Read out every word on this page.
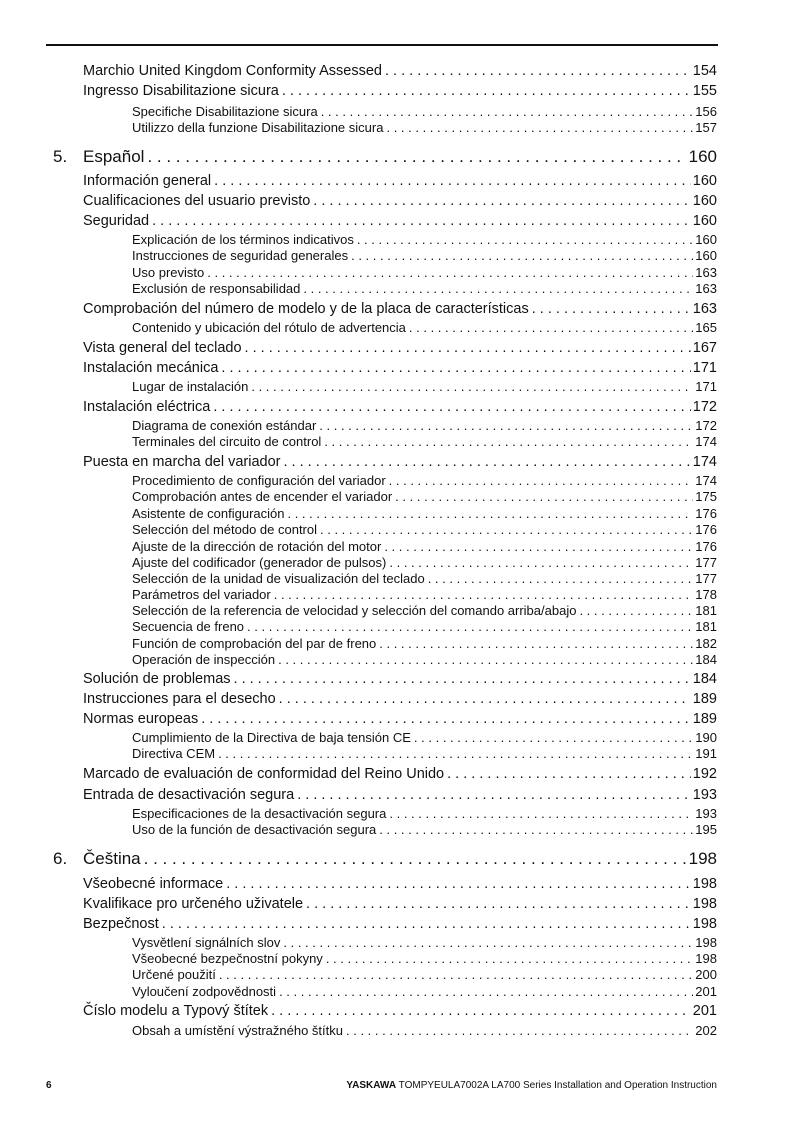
Marchio United Kingdom Conformity Assessed . . .	154
Ingresso Disabilitazione sicura . . .	155
Specifiche Disabilitazione sicura . . .	156
Utilizzo della funzione Disabilitazione sicura . . .	157
5. Español . . .	160
Información general . . .	160
Cualificaciones del usuario previsto . . .	160
Seguridad . . .	160
Explicación de los términos indicativos . . .	160
Instrucciones de seguridad generales . . .	160
Uso previsto . . .	163
Exclusión de responsabilidad . . .	163
Comprobación del número de modelo y de la placa de características . . .	163
Contenido y ubicación del rótulo de advertencia . . .	165
Vista general del teclado . . .	167
Instalación mecánica . . .	171
Lugar de instalación . . .	171
Instalación eléctrica . . .	172
Diagrama de conexión estándar . . .	172
Terminales del circuito de control . . .	174
Puesta en marcha del variador . . .	174
Procedimiento de configuración del variador . . .	174
Comprobación antes de encender el variador . . .	175
Asistente de configuración . . .	176
Selección del método de control . . .	176
Ajuste de la dirección de rotación del motor . . .	176
Ajuste del codificador (generador de pulsos) . . .	177
Selección de la unidad de visualización del teclado . . .	177
Parámetros del variador . . .	178
Selección de la referencia de velocidad y selección del comando arriba/abajo . . .	181
Secuencia de freno . . .	181
Función de comprobación del par de freno . . .	182
Operación de inspección . . .	184
Solución de problemas . . .	184
Instrucciones para el desecho . . .	189
Normas europeas . . .	189
Cumplimiento de la Directiva de baja tensión CE . . .	190
Directiva CEM . . .	191
Marcado de evaluación de conformidad del Reino Unido . . .	192
Entrada de desactivación segura . . .	193
Especificaciones de la desactivación segura . . .	193
Uso de la función de desactivación segura . . .	195
6. Čeština . . .	198
Všeobecné informace . . .	198
Kvalifikace pro určeného uživatele . . .	198
Bezpečnost . . .	198
Vysvětlení signálních slov . . .	198
Všeobecné bezpečnostní pokyny . . .	198
Určené použití . . .	200
Vyloučení zodpovědnosti . . .	201
Číslo modelu a Typový štítek . . .	201
Obsah a umístění výstražného štítku . . .	202
6	YASKAWA TOMPYEULA7002A LA700 Series Installation and Operation Instruction
